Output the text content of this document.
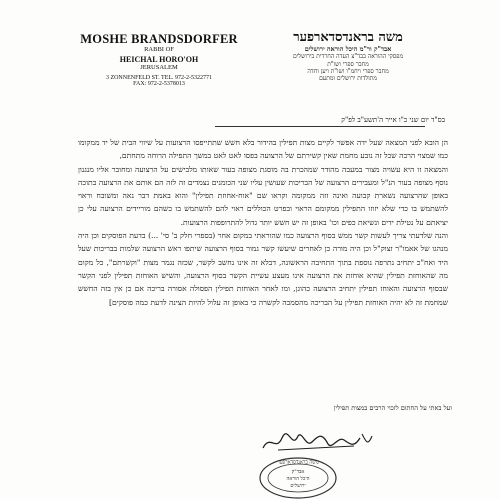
MOSHE BRANDSDORFER
RABBI OF
HEICHAL HORO'OH
JERUSALEM
3 ZONNENFELD ST. TEL. 972-2-5322771
FAX: 972-2-5378013
משה בראנדסדארפער
אבד"ק ור"מ היכל הוראה ירושלים
מפסקי ההוראה בבד"צ העדה החרדית בירושלים
מחבר ספרי ושו"ת
מחבר ספרי ויחמ"ו ושו"ת ויען וחדה
מתולדות ירושלים ומתעם
בס"ד יום שני כ"ו אייר ה'תשע"ב לפ"ק

הן הובא לפני המצאה שעל ידה אפשר לקיים מצות תפילין בהידור בלא חשש שתתייפסו הרצועות על שיווי הבית של יד ממקומו כמו שמצוי הרבה שכל זה נובע מחמת שאין קשירתם של הרצועה בפסו לאט לאט במשך התפילה הרוחה מתחתם,

והמצאה זו היא עשויה מצור במעבה מהודר שמהכרת בה מוסגת מצופה בעור שאותו מלבישים על הרצועה ומחובר אליו מנגנון נוסף מצופה בעור הנ"ל ומעבירים הרצועה של הבריכות שעושין עליו שני הכומנים נצמדים זה לזה הם אותם את הרצועה בתוכה באופן שהרצועה נשארת קבועה ואינה זזה ממקומה וקראו שם "אוח-אחוזת תפילין" והוא באמת דבר נאה ומשובח וראוי להשתמש בו כדי שלא יזוזו התפילין ממקומם הראוי ובפרט הכוללים ראוי להם להשתמש בו כשהם מוריידים הרצועה עלי כן יציאתם על נטילת ידים ונשיאת כפים וכו' באופן זה יש חשש יותר גדול להתרופפות הרצועות.

והנה שלדעתי צריך לעשות קשר ממש בסוף הרצועה כמו שהוראתי במקום אחר (בספרי חלק ב' סי' ...) בדעת הפוסקים וכן היה מנהגו של אאמו"ר זצוק"ל וכן היה מורה כן לאחרים שיעשו קשר גמור בסוף הרצועה שיתפו ראש הרצועה שלמות בבריכות שעל היד ואח"כ יתחיב נתרפה נוספת בתוך התחיבה הראשונה, דבלא זה אינו נחשב לקשר, שכזה נגמר מצות "וקשרתם", כל מקום מה שהאוחזת תפילין שהיא אוחזת את הרצועה אינו מעצע עשיית הקשר בסוף הרצועה, והשיש האוחזת תפילין לפני הקשר שבסוף הרצועה והאוחז תפילין יתחיב הרצועה כהוגן, ומו לאחר האוחזת תפילין הפסולה אסורה בריכה אם כן אין בזה החשש שמחמת זה לא יהיה האוחזת תפילין על הבריכה מהסמכה לקשרה כי באופן זה עלול להיות הצינה לדעת כמה פוסקים]

ועל באתי על החתום לזכוי הרבים במצות תפילין
משה בראנדסדארפער
אבד"ק
היכל הוראה
ירושלים
